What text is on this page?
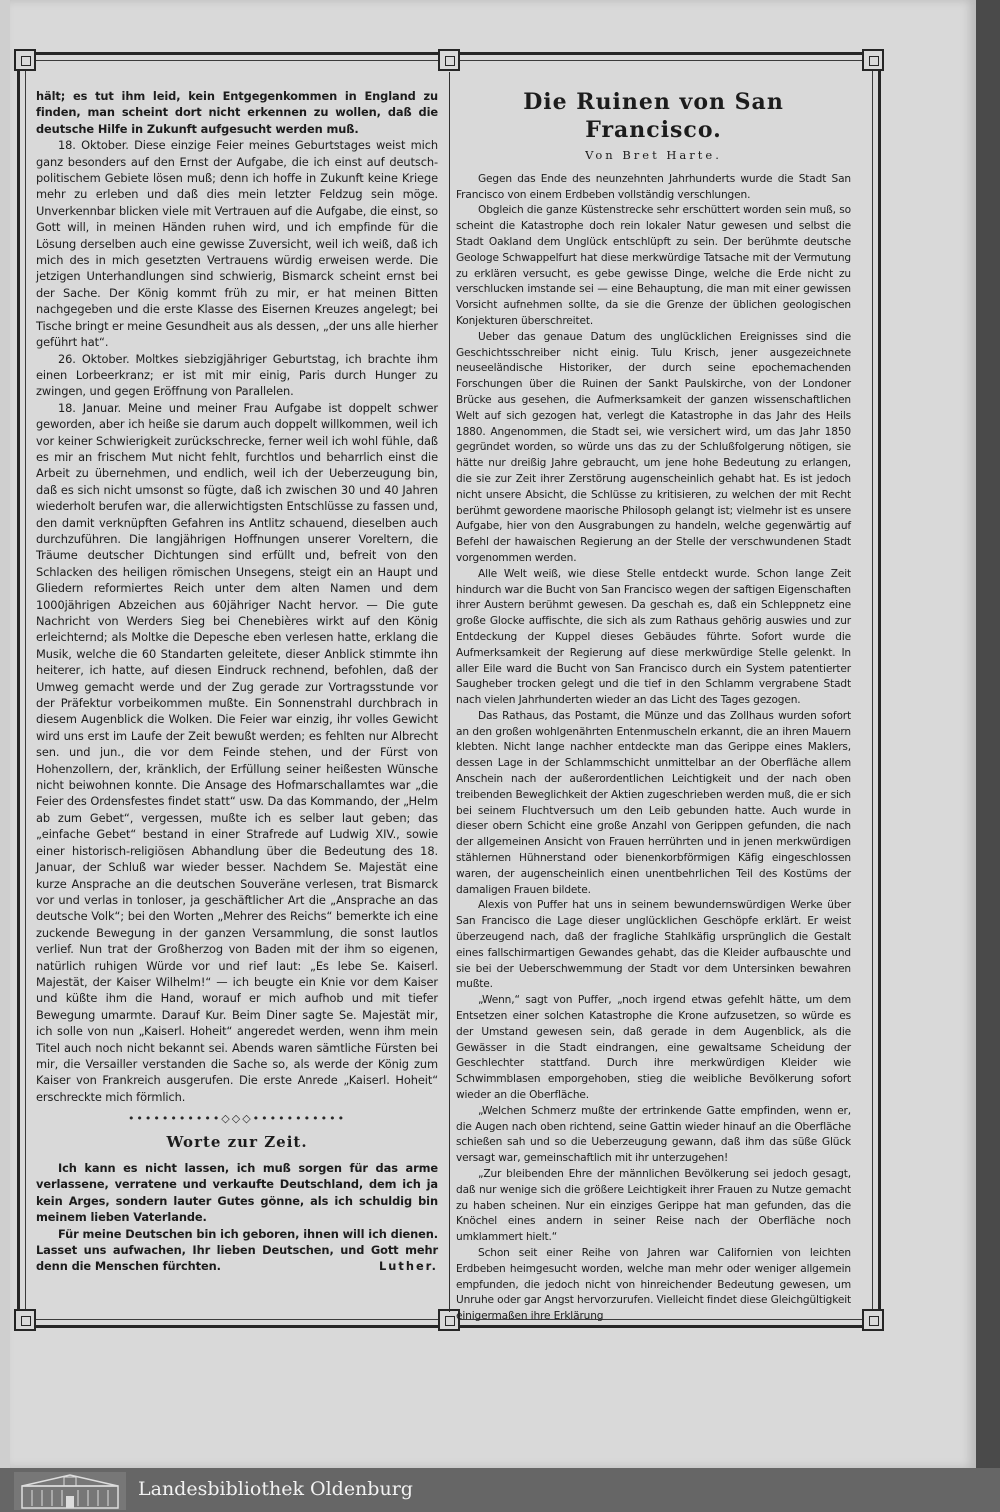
hält; es tut ihm leid, kein Entgegenkommen in England zu finden, man scheint dort nicht erkennen zu wollen, daß die deutsche Hilfe in Zukunft aufgesucht werden muß.

18. Oktober. Diese einzige Feier meines Geburtstages weist mich ganz besonders auf den Ernst der Aufgabe, die ich einst auf deutsch-politischem Gebiete lösen muß; denn ich hoffe in Zukunft keine Kriege mehr zu erleben und daß dies mein letzter Feldzug sein möge. Unverkennbar blicken viele mit Vertrauen auf die Aufgabe, die einst, so Gott will, in meinen Händen ruhen wird, und ich empfinde für die Lösung derselben auch eine gewisse Zuversicht, weil ich weiß, daß ich mich des in mich gesetzten Vertrauens würdig erweisen werde. Die jetzigen Unterhandlungen sind schwierig, Bismarck scheint ernst bei der Sache. Der König kommt früh zu mir, er hat meinen Bitten nachgegeben und die erste Klasse des Eisernen Kreuzes angelegt; bei Tische bringt er meine Gesundheit aus als dessen, „der uns alle hierher geführt hat“.

26. Oktober. Moltkes siebzigjähriger Geburtstag, ich brachte ihm einen Lorbeerkranz; er ist mit mir einig, Paris durch Hunger zu zwingen, und gegen Eröffnung von Parallelen.

18. Januar. Meine und meiner Frau Aufgabe ist doppelt schwer geworden, aber ich heiße sie darum auch doppelt willkommen, weil ich vor keiner Schwierigkeit zurückschrecke, ferner weil ich wohl fühle, daß es mir an frischem Mut nicht fehlt, furchtlos und beharrlich einst die Arbeit zu übernehmen, und endlich, weil ich der Ueberzeugung bin, daß es sich nicht umsonst so fügte, daß ich zwischen 30 und 40 Jahren wiederholt berufen war, die allerwichtigsten Entschlüsse zu fassen und, den damit verknüpften Gefahren ins Antlitz schauend, dieselben auch durchzuführen. Die langjährigen Hoffnungen unserer Voreltern, die Träume deutscher Dichtungen sind erfüllt und, befreit von den Schlacken des heiligen römischen Unsegens, steigt ein an Haupt und Gliedern reformiertes Reich unter dem alten Namen und dem 1000jährigen Abzeichen aus 60jähriger Nacht hervor. — Die gute Nachricht von Werders Sieg bei Chenebières wirkt auf den König erleichternd; als Moltke die Depesche eben verlesen hatte, erklang die Musik, welche die 60 Standarten geleitete, dieser Anblick stimmte ihn heiterer, ich hatte, auf diesen Eindruck rechnend, befohlen, daß der Umweg gemacht werde und der Zug gerade zur Vortragsstunde vor der Präfektur vorbeikommen mußte. Ein Sonnenstrahl durchbrach in diesem Augenblick die Wolken. Die Feier war einzig, ihr volles Gewicht wird uns erst im Laufe der Zeit bewußt werden; es fehlten nur Albrecht sen. und jun., die vor dem Feinde stehen, und der Fürst von Hohenzollern, der, kränklich, der Erfüllung seiner heißesten Wünsche nicht beiwohnen konnte. Die Ansage des Hofmarschallamtes war „die Feier des Ordensfestes findet statt“ usw. Da das Kommando, der „Helm ab zum Gebet“, vergessen, mußte ich es selber laut geben; das „einfache Gebet“ bestand in einer Strafrede auf Ludwig XIV., sowie einer historisch-religiösen Abhandlung über die Bedeutung des 18. Januar, der Schluß war wieder besser. Nachdem Se. Majestät eine kurze Ansprache an die deutschen Souveräne verlesen, trat Bismarck vor und verlas in tonloser, ja geschäftlicher Art die „Ansprache an das deutsche Volk“; bei den Worten „Mehrer des Reichs“ bemerkte ich eine zuckende Bewegung in der ganzen Versammlung, die sonst lautlos verlief. Nun trat der Großherzog von Baden mit der ihm so eigenen, natürlich ruhigen Würde vor und rief laut: „Es lebe Se. Kaiserl. Majestät, der Kaiser Wilhelm!“ — ich beugte ein Knie vor dem Kaiser und küßte ihm die Hand, worauf er mich aufhob und mit tiefer Bewegung umarmte. Darauf Kur. Beim Diner sagte Se. Majestät mir, ich solle von nun „Kaiserl. Hoheit“ angeredet werden, wenn ihm mein Titel auch noch nicht bekannt sei. Abends waren sämtliche Fürsten bei mir, die Versailler verstanden die Sache so, als werde der König zum Kaiser von Frankreich ausgerufen. Die erste Anrede „Kaiserl. Hoheit“ erschreckte mich förmlich.

•••••••••••◇◇◇•••••••••••
Worte zur Zeit.

Ich kann es nicht lassen, ich muß sorgen für das arme verlassene, verratene und verkaufte Deutschland, dem ich ja kein Arges, sondern lauter Gutes gönne, als ich schuldig bin meinem lieben Vaterlande.

Für meine Deutschen bin ich geboren, ihnen will ich dienen. Lasset uns aufwachen, Ihr lieben Deutschen, und Gott mehr denn die Menschen fürchten.	Luther.

Die Ruinen von San Francisco.
Von Bret Harte.

Gegen das Ende des neunzehnten Jahrhunderts wurde die Stadt San Francisco von einem Erdbeben vollständig verschlungen.

Obgleich die ganze Küstenstrecke sehr erschüttert worden sein muß, so scheint die Katastrophe doch rein lokaler Natur gewesen und selbst die Stadt Oakland dem Unglück entschlüpft zu sein. Der berühmte deutsche Geologe Schwappelfurt hat diese merkwürdige Tatsache mit der Vermutung zu erklären versucht, es gebe gewisse Dinge, welche die Erde nicht zu verschlucken imstande sei — eine Behauptung, die man mit einer gewissen Vorsicht aufnehmen sollte, da sie die Grenze der üblichen geologischen Konjekturen überschreitet.

Ueber das genaue Datum des unglücklichen Ereignisses sind die Geschichtsschreiber nicht einig. Tulu Krisch, jener ausgezeichnete neuseeländische Historiker, der durch seine epochemachenden Forschungen über die Ruinen der Sankt Paulskirche, von der Londoner Brücke aus gesehen, die Aufmerksamkeit der ganzen wissenschaftlichen Welt auf sich gezogen hat, verlegt die Katastrophe in das Jahr des Heils 1880. Angenommen, die Stadt sei, wie versichert wird, um das Jahr 1850 gegründet worden, so würde uns das zu der Schlußfolgerung nötigen, sie hätte nur dreißig Jahre gebraucht, um jene hohe Bedeutung zu erlangen, die sie zur Zeit ihrer Zerstörung augenscheinlich gehabt hat. Es ist jedoch nicht unsere Absicht, die Schlüsse zu kritisieren, zu welchen der mit Recht berühmt gewordene maorische Philosoph gelangt ist; vielmehr ist es unsere Aufgabe, hier von den Ausgrabungen zu handeln, welche gegenwärtig auf Befehl der hawaischen Regierung an der Stelle der verschwundenen Stadt vorgenommen werden.

Alle Welt weiß, wie diese Stelle entdeckt wurde. Schon lange Zeit hindurch war die Bucht von San Francisco wegen der saftigen Eigenschaften ihrer Austern berühmt gewesen. Da geschah es, daß ein Schleppnetz eine große Glocke auffischte, die sich als zum Rathaus gehörig auswies und zur Entdeckung der Kuppel dieses Gebäudes führte. Sofort wurde die Aufmerksamkeit der Regierung auf diese merkwürdige Stelle gelenkt. In aller Eile ward die Bucht von San Francisco durch ein System patentierter Saugheber trocken gelegt und die tief in den Schlamm vergrabene Stadt nach vielen Jahrhunderten wieder an das Licht des Tages gezogen.

Das Rathaus, das Postamt, die Münze und das Zollhaus wurden sofort an den großen wohlgenährten Entenmuscheln erkannt, die an ihren Mauern klebten. Nicht lange nachher entdeckte man das Gerippe eines Maklers, dessen Lage in der Schlammschicht unmittelbar an der Oberfläche allem Anschein nach der außerordentlichen Leichtigkeit und der nach oben treibenden Beweglichkeit der Aktien zugeschrieben werden muß, die er sich bei seinem Fluchtversuch um den Leib gebunden hatte. Auch wurde in dieser obern Schicht eine große Anzahl von Gerippen gefunden, die nach der allgemeinen Ansicht von Frauen herrührten und in jenen merkwürdigen stählernen Hühnerstand oder bienenkorbförmigen Käfig eingeschlossen waren, der augenscheinlich einen unentbehrlichen Teil des Kostüms der damaligen Frauen bildete.

Alexis von Puffer hat uns in seinem bewundernswürdigen Werke über San Francisco die Lage dieser unglücklichen Geschöpfe erklärt. Er weist überzeugend nach, daß der fragliche Stahlkäfig ursprünglich die Gestalt eines fallschirmartigen Gewandes gehabt, das die Kleider aufbauschte und sie bei der Ueberschwemmung der Stadt vor dem Untersinken bewahren mußte.

„Wenn,“ sagt von Puffer, „noch irgend etwas gefehlt hätte, um dem Entsetzen einer solchen Katastrophe die Krone aufzusetzen, so würde es der Umstand gewesen sein, daß gerade in dem Augenblick, als die Gewässer in die Stadt eindrangen, eine gewaltsame Scheidung der Geschlechter stattfand. Durch ihre merkwürdigen Kleider wie Schwimmblasen emporgehoben, stieg die weibliche Bevölkerung sofort wieder an die Oberfläche.

„Welchen Schmerz mußte der ertrinkende Gatte empfinden, wenn er, die Augen nach oben richtend, seine Gattin wieder hinauf an die Oberfläche schießen sah und so die Ueberzeugung gewann, daß ihm das süße Glück versagt war, gemeinschaftlich mit ihr unterzugehen!

„Zur bleibenden Ehre der männlichen Bevölkerung sei jedoch gesagt, daß nur wenige sich die größere Leichtigkeit ihrer Frauen zu Nutze gemacht zu haben scheinen. Nur ein einziges Gerippe hat man gefunden, das die Knöchel eines andern in seiner Reise nach der Oberfläche noch umklammert hielt.“

Schon seit einer Reihe von Jahren war Californien von leichten Erdbeben heimgesucht worden, welche man mehr oder weniger allgemein empfunden, die jedoch nicht von hinreichender Bedeutung gewesen, um Unruhe oder gar Angst hervorzurufen. Vielleicht findet diese Gleichgültigkeit einigermaßen ihre Erklärung

Landesbibliothek Oldenburg
